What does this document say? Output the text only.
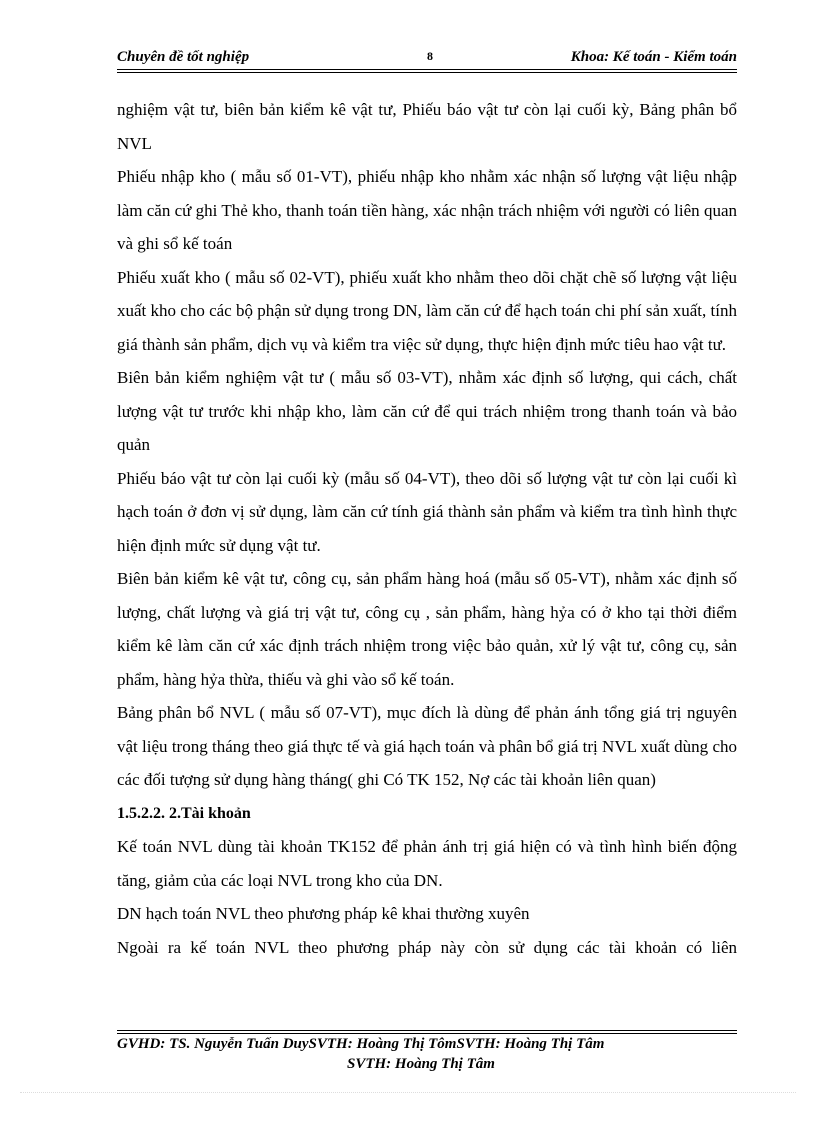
Chuyên đề tốt nghiệp	8	Khoa: Kế toán - Kiểm toán

nghiệm vật tư, biên bản kiểm kê vật tư, Phiếu báo vật tư còn lại cuối kỳ, Bảng phân bổ NVL

Phiếu nhập kho ( mẫu số 01-VT), phiếu nhập kho nhằm xác nhận số lượng vật liệu nhập làm căn cứ ghi Thẻ kho, thanh toán tiền hàng, xác nhận trách nhiệm với người có liên quan và ghi sổ kế toán

Phiếu xuất kho ( mẫu số 02-VT), phiếu xuất kho nhằm theo dõi chặt chẽ số lượng vật liệu xuất kho cho các bộ phận sử dụng trong DN, làm căn cứ để hạch toán chi phí sản xuất, tính giá thành sản phẩm, dịch vụ và kiểm tra việc sử dụng, thực hiện định mức tiêu hao vật tư.

Biên bản kiểm nghiệm vật tư ( mẫu số 03-VT), nhằm xác định số lượng, qui cách, chất lượng vật tư trước khi nhập kho, làm căn cứ để qui trách nhiệm trong thanh toán và bảo quản

Phiếu báo vật tư còn lại cuối kỳ (mẫu số 04-VT), theo dõi số lượng vật tư còn lại cuối kì hạch toán ở đơn vị sử dụng, làm căn cứ tính giá thành sản phẩm và kiểm tra tình hình thực hiện định mức sử dụng vật tư.

Biên bản kiểm kê vật tư, công cụ, sản phẩm hàng hoá (mẫu số 05-VT), nhằm xác định số lượng, chất lượng và giá trị vật tư, công cụ , sản phẩm, hàng hỷa có ở kho tại thời điểm kiểm kê làm căn cứ xác định trách nhiệm trong việc bảo quản, xử lý vật tư, công cụ, sản phẩm, hàng hỷa thừa, thiếu và ghi vào sổ kế toán.

Bảng phân bổ NVL ( mẫu số 07-VT), mục đích là dùng để phản ánh tổng giá trị nguyên vật liệu trong tháng theo giá thực tế và giá hạch toán và phân bổ giá trị NVL xuất dùng cho các đối tượng sử dụng hàng tháng( ghi Có TK 152, Nợ các tài khoản liên quan)

1.5.2.2. 2.Tài khoản

Kế toán NVL dùng tài khoản TK152 để phản ánh trị giá hiện có và tình hình biến động tăng, giảm của các loại NVL trong kho của DN.

DN hạch toán NVL theo phương pháp kê khai thường xuyên

Ngoài ra kế toán NVL theo phương pháp này còn sử dụng các tài khoản có liên

GVHD: TS. Nguyễn Tuấn DuySVTH: Hoàng Thị TômSVTH: Hoàng Thị Tâm
SVTH: Hoàng Thị Tâm
